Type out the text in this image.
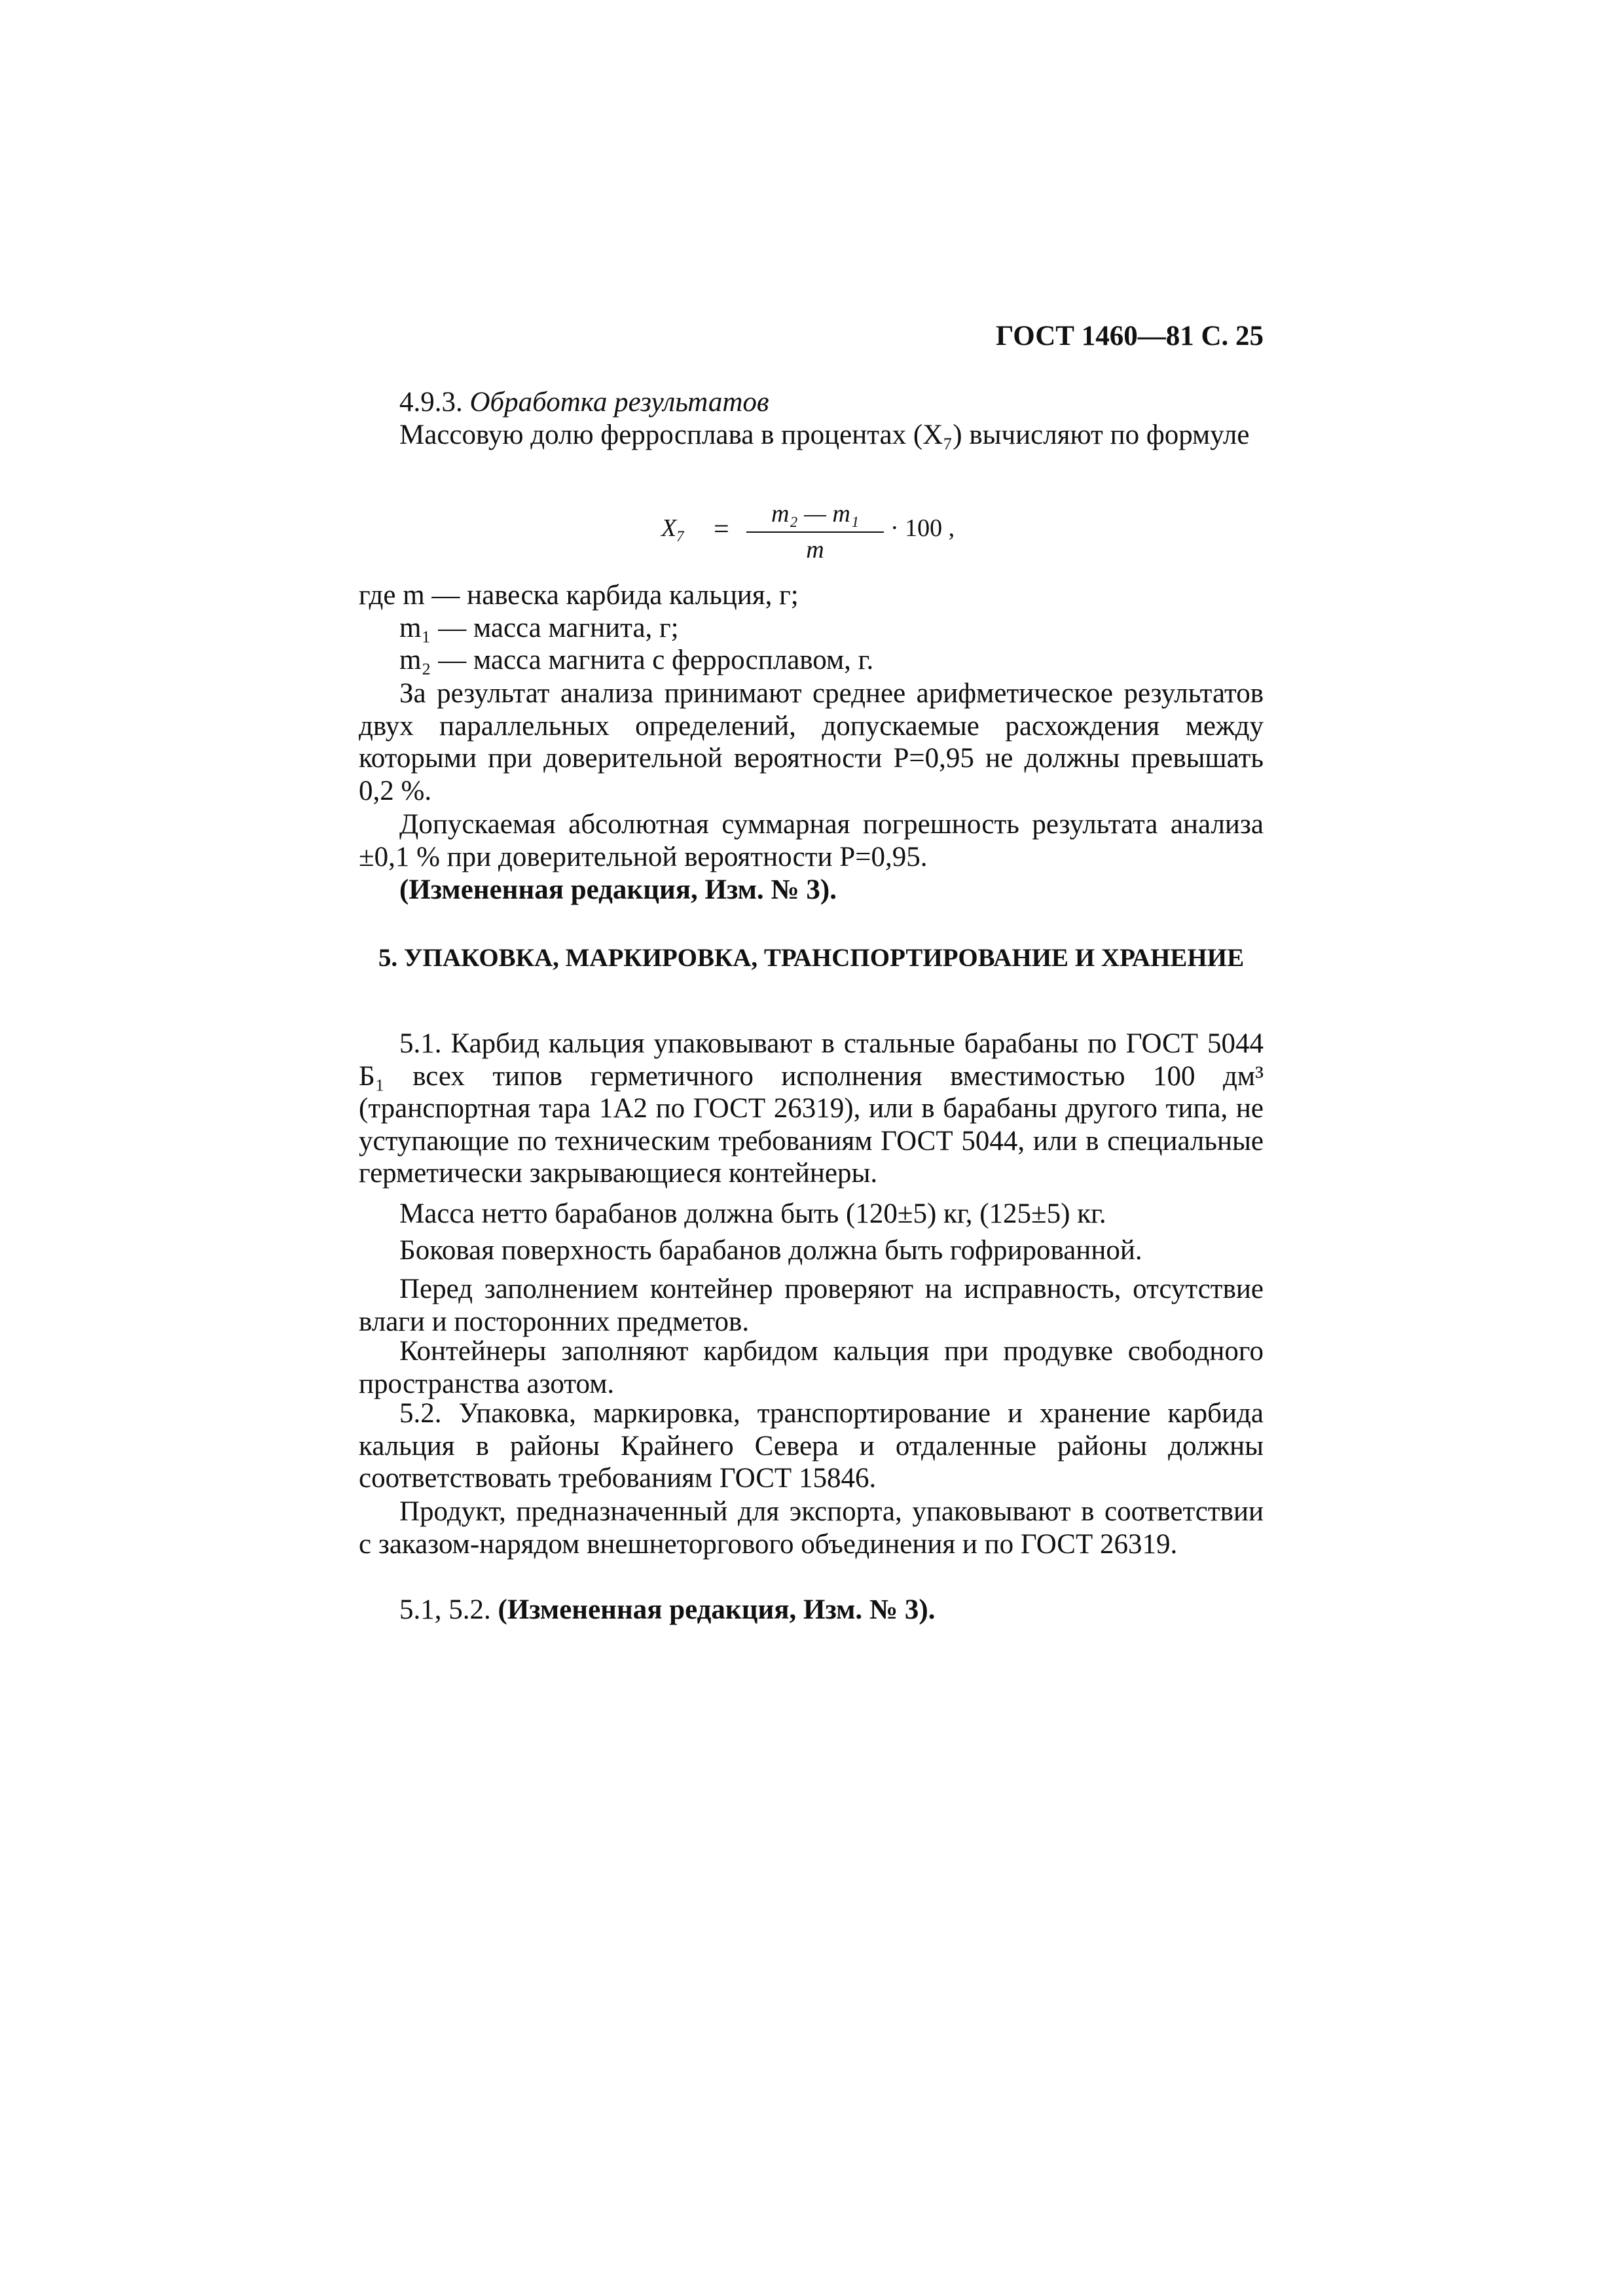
ГОСТ 1460—81 С. 25

4.9.3. Обработка результатов

Массовую долю ферросплава в процентах (X₇) вычисляют по формуле

X₇ =
m₂ — m₁
m
· 100 ,
где m — навеска карбида кальция, г;
m₁ — масса магнита, г;
m₂ — масса магнита с ферросплавом, г.

За результат анализа принимают среднее арифметическое результатов двух параллельных определений, допускаемые расхождения между которыми при доверительной вероятности P=0,95 не должны превышать 0,2 %.

Допускаемая абсолютная суммарная погрешность результата анализа ±0,1 % при доверительной вероятности P=0,95.

(Измененная редакция, Изм. № 3).

5. УПАКОВКА, МАРКИРОВКА, ТРАНСПОРТИРОВАНИЕ И ХРАНЕНИЕ

5.1. Карбид кальция упаковывают в стальные барабаны по ГОСТ 5044 Б₁ всех типов герметичного исполнения вместимостью 100 дм³ (транспортная тара 1А2 по ГОСТ 26319), или в барабаны другого типа, не уступающие по техническим требованиям ГОСТ 5044, или в специальные герметически закрывающиеся контейнеры.

Масса нетто барабанов должна быть (120±5) кг, (125±5) кг.

Боковая поверхность барабанов должна быть гофрированной.

Перед заполнением контейнер проверяют на исправность, отсутствие влаги и посторонних предметов.

Контейнеры заполняют карбидом кальция при продувке свободного пространства азотом.

5.2. Упаковка, маркировка, транспортирование и хранение карбида кальция в районы Крайнего Севера и отдаленные районы должны соответствовать требованиям ГОСТ 15846.

Продукт, предназначенный для экспорта, упаковывают в соответствии с заказом-нарядом внешнеторгового объединения и по ГОСТ 26319.

5.1, 5.2. (Измененная редакция, Изм. № 3).
